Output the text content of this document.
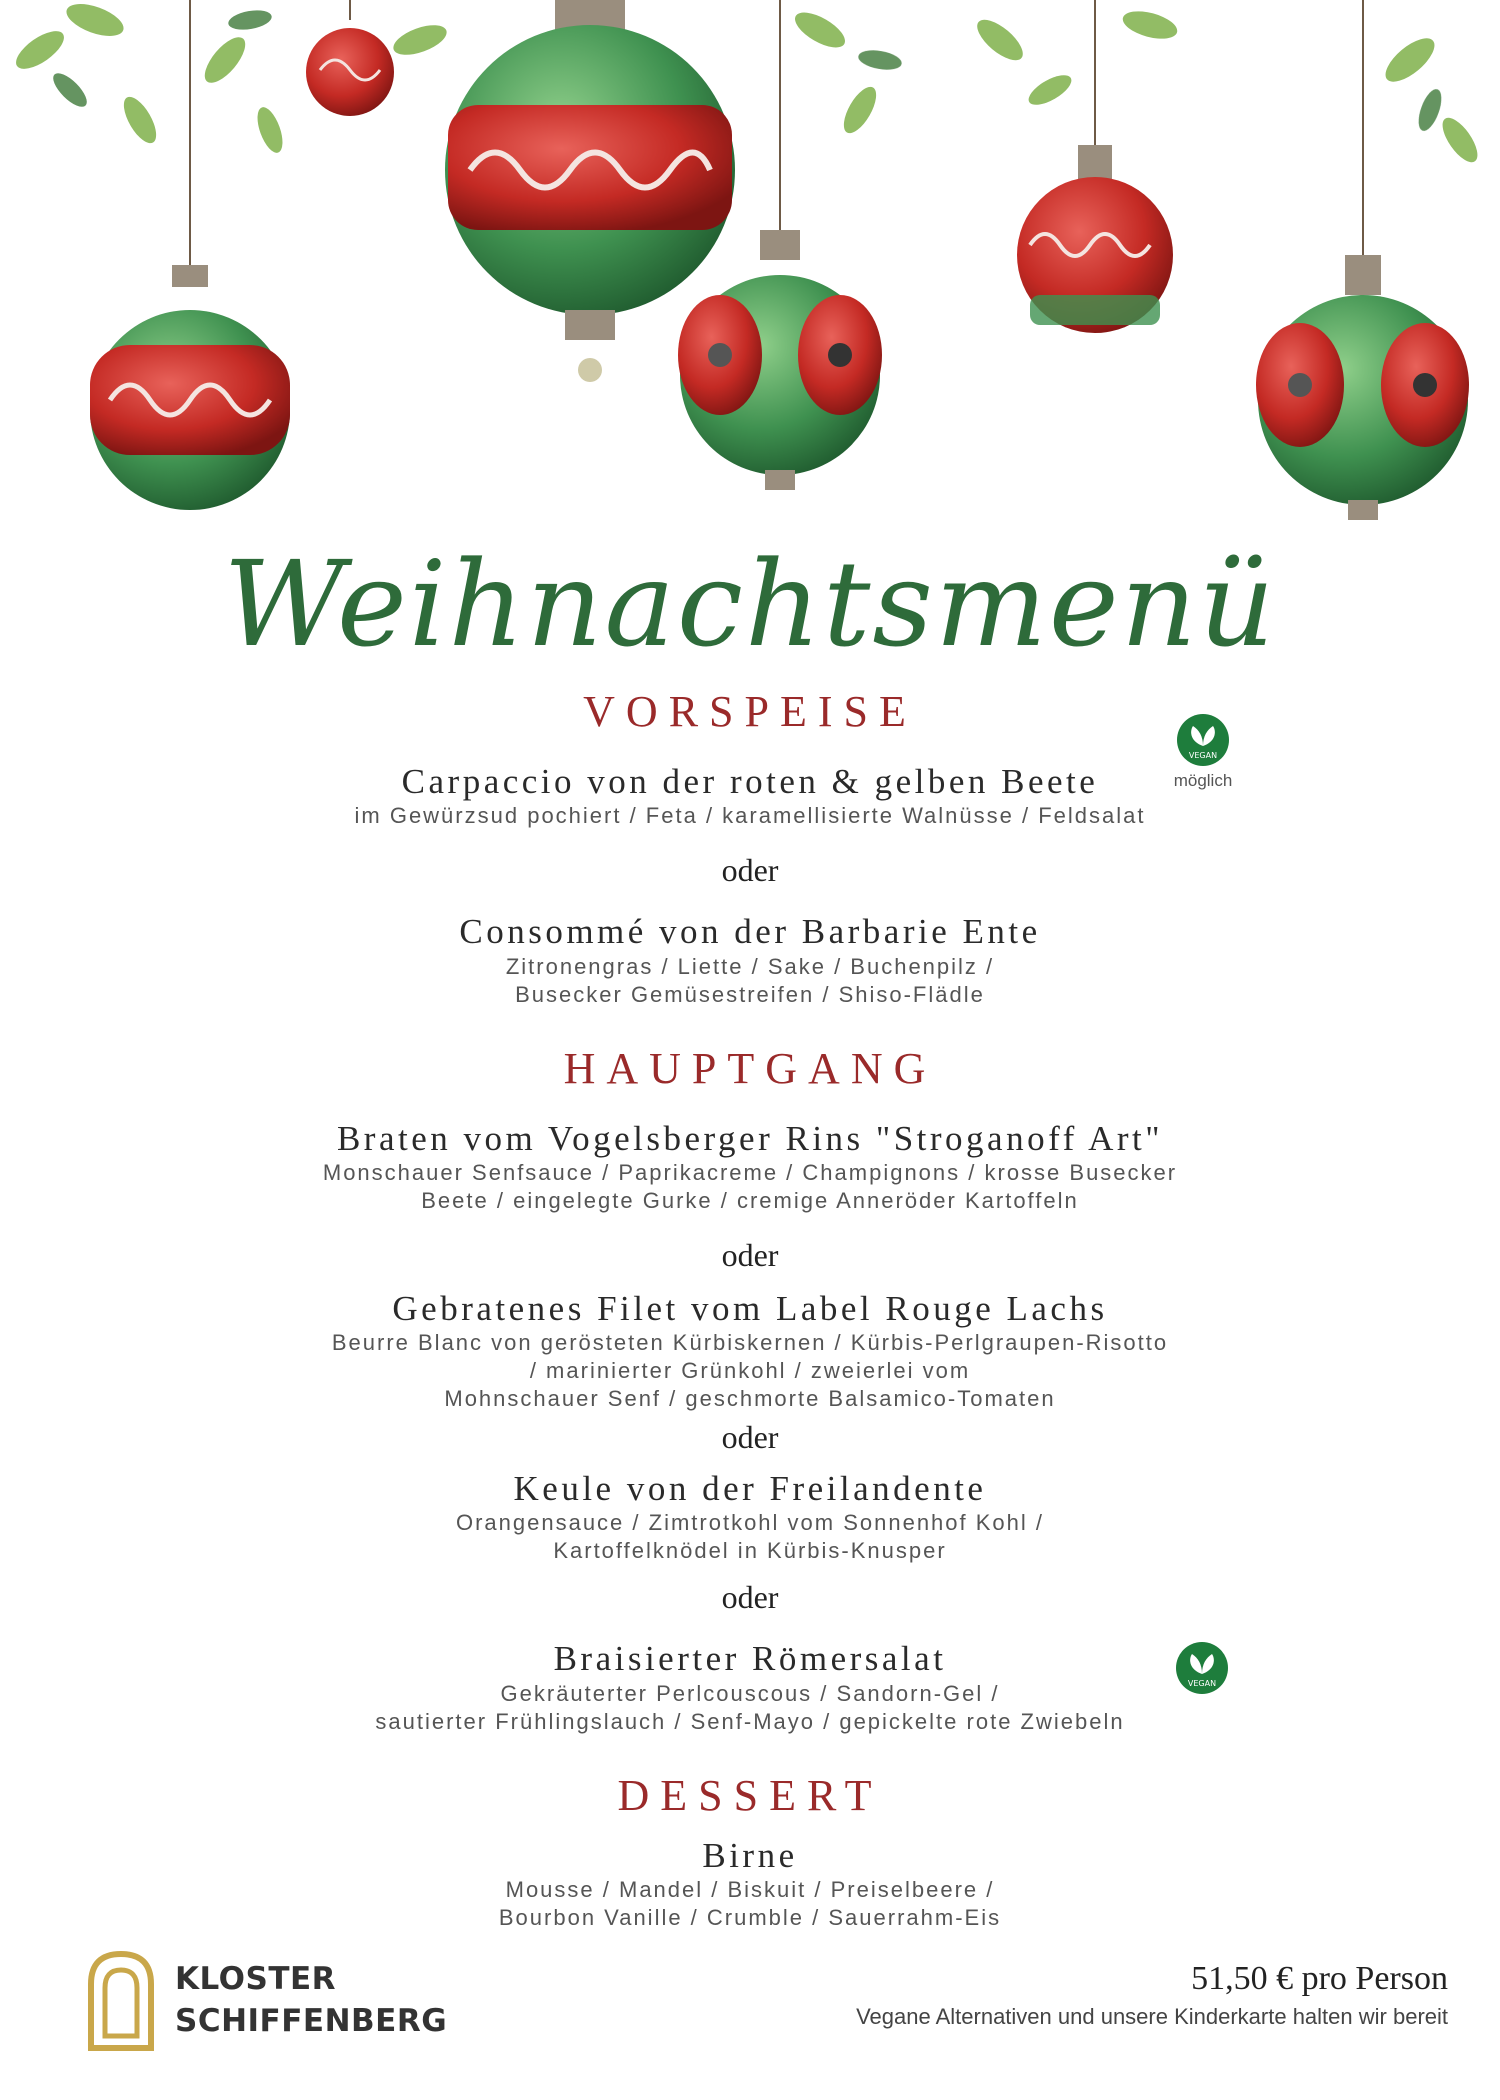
Weihnachtsmenü

VORSPEISE

Carpaccio von der roten & gelben Beete

im Gewürzsud pochiert / Feta / karamellisierte Walnüsse / Feldsalat

oder

Consommé von der Barbarie Ente

Zitronengras / Liette / Sake / Buchenpilz /

Busecker Gemüsestreifen / Shiso-Flädle

HAUPTGANG

Braten vom Vogelsberger Rins "Stroganoff Art"

Monschauer Senfsauce / Paprikacreme / Champignons / krosse Busecker

Beete / eingelegte Gurke / cremige Anneröder Kartoffeln

oder

Gebratenes Filet vom Label Rouge Lachs

Beurre Blanc von gerösteten Kürbiskernen / Kürbis-Perlgraupen-Risotto

/ marinierter Grünkohl / zweierlei vom

Mohnschauer Senf / geschmorte Balsamico-Tomaten

oder

Keule von der Freilandente

Orangensauce / Zimtrotkohl vom Sonnenhof Kohl /

Kartoffelknödel in Kürbis-Knusper

oder

Braisierter Römersalat

Gekräuterter Perlcouscous / Sandorn-Gel /

sautierter Frühlingslauch / Senf-Mayo / gepickelte rote Zwiebeln

DESSERT

Birne

Mousse / Mandel / Biskuit / Preiselbeere /

Bourbon Vanille / Crumble / Sauerrahm-Eis

VEGAN
möglich
VEGAN
KLOSTER
SCHIFFENBERG
51,50 € pro Person
Vegane Alternativen und unsere Kinderkarte halten wir bereit
